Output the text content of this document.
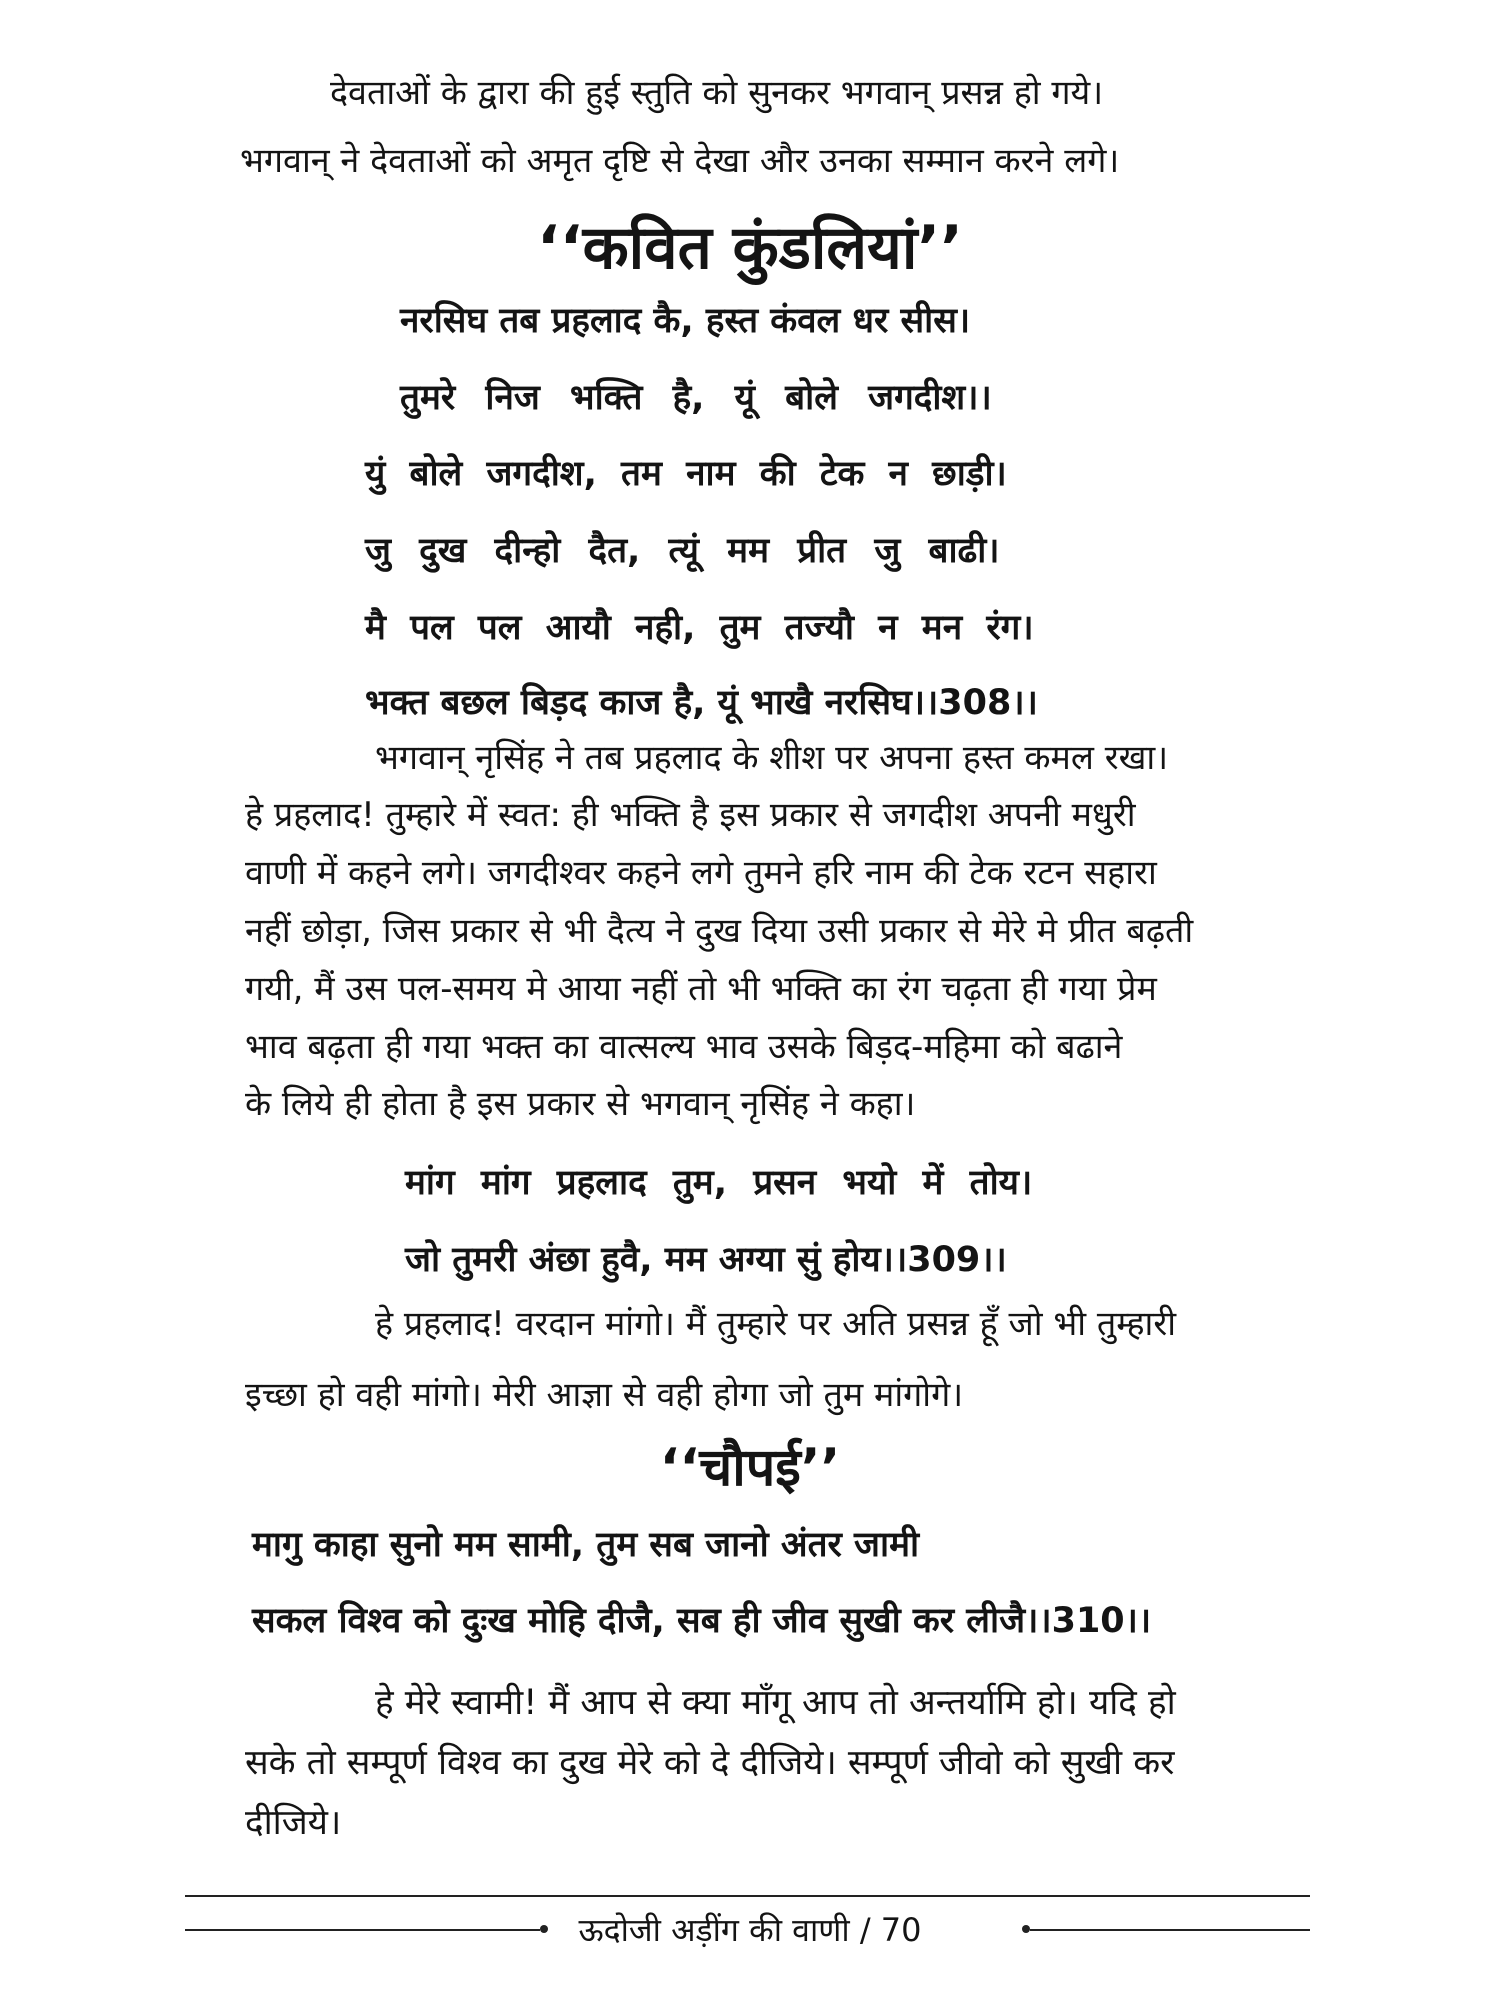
देवताओं के द्वारा की हुई स्तुति को सुनकर भगवान् प्रसन्न हो गये।
भगवान् ने देवताओं को अमृत दृष्टि से देखा और उनका सम्मान करने लगे।
‘‘कवित कुंडलियां’’
नरसिघ तब प्रहलाद कै, हस्त कंवल धर सीस।
तुमरे निज भक्ति है, यूं बोले जगदीश।।
युं बोले जगदीश, तम नाम की टेक न छाड़ी।
जु दुख दीन्हो दैत, त्यूं मम प्रीत जु बाढी।
मै पल पल आयौ नही, तुम तज्यौ न मन रंग।
भक्त बछल बिड़द काज है, यूं भाखै नरसिघ।।308।।
भगवान् नृसिंह ने तब प्रहलाद के शीश पर अपना हस्त कमल रखा।
हे प्रहलाद! तुम्हारे में स्वत: ही भक्ति है इस प्रकार से जगदीश अपनी मधुरी
वाणी में कहने लगे। जगदीश्वर कहने लगे तुमने हरि नाम की टेक रटन सहारा
नहीं छोड़ा, जिस प्रकार से भी दैत्य ने दुख दिया उसी प्रकार से मेरे मे प्रीत बढ़ती
गयी, मैं उस पल-समय मे आया नहीं तो भी भक्ति का रंग चढ़ता ही गया प्रेम
भाव बढ़ता ही गया भक्त का वात्सल्य भाव उसके बिड़द-महिमा को बढाने
के लिये ही होता है इस प्रकार से भगवान् नृसिंह ने कहा।
मांग मांग प्रहलाद तुम, प्रसन भयो में तोय।
जो तुमरी अंछा हुवै, मम अग्या सुं होय।।309।।
हे प्रहलाद! वरदान मांगो। मैं तुम्हारे पर अति प्रसन्न हूँ जो भी तुम्हारी
इच्छा हो वही मांगो। मेरी आज्ञा से वही होगा जो तुम मांगोगे।
‘‘चौपई’’
मागु काहा सुनो मम सामी, तुम सब जानो अंतर जामी
सकल विश्व को दुःख मोहि दीजै, सब ही जीव सुखी कर लीजै।।310।।
हे मेरे स्वामी! मैं आप से क्या माँगू आप तो अन्तर्यामि हो। यदि हो
सके तो सम्पूर्ण विश्व का दुख मेरे को दे दीजिये। सम्पूर्ण जीवो को सुखी कर
दीजिये।
ऊदोजी अड़ींग की वाणी / 70
